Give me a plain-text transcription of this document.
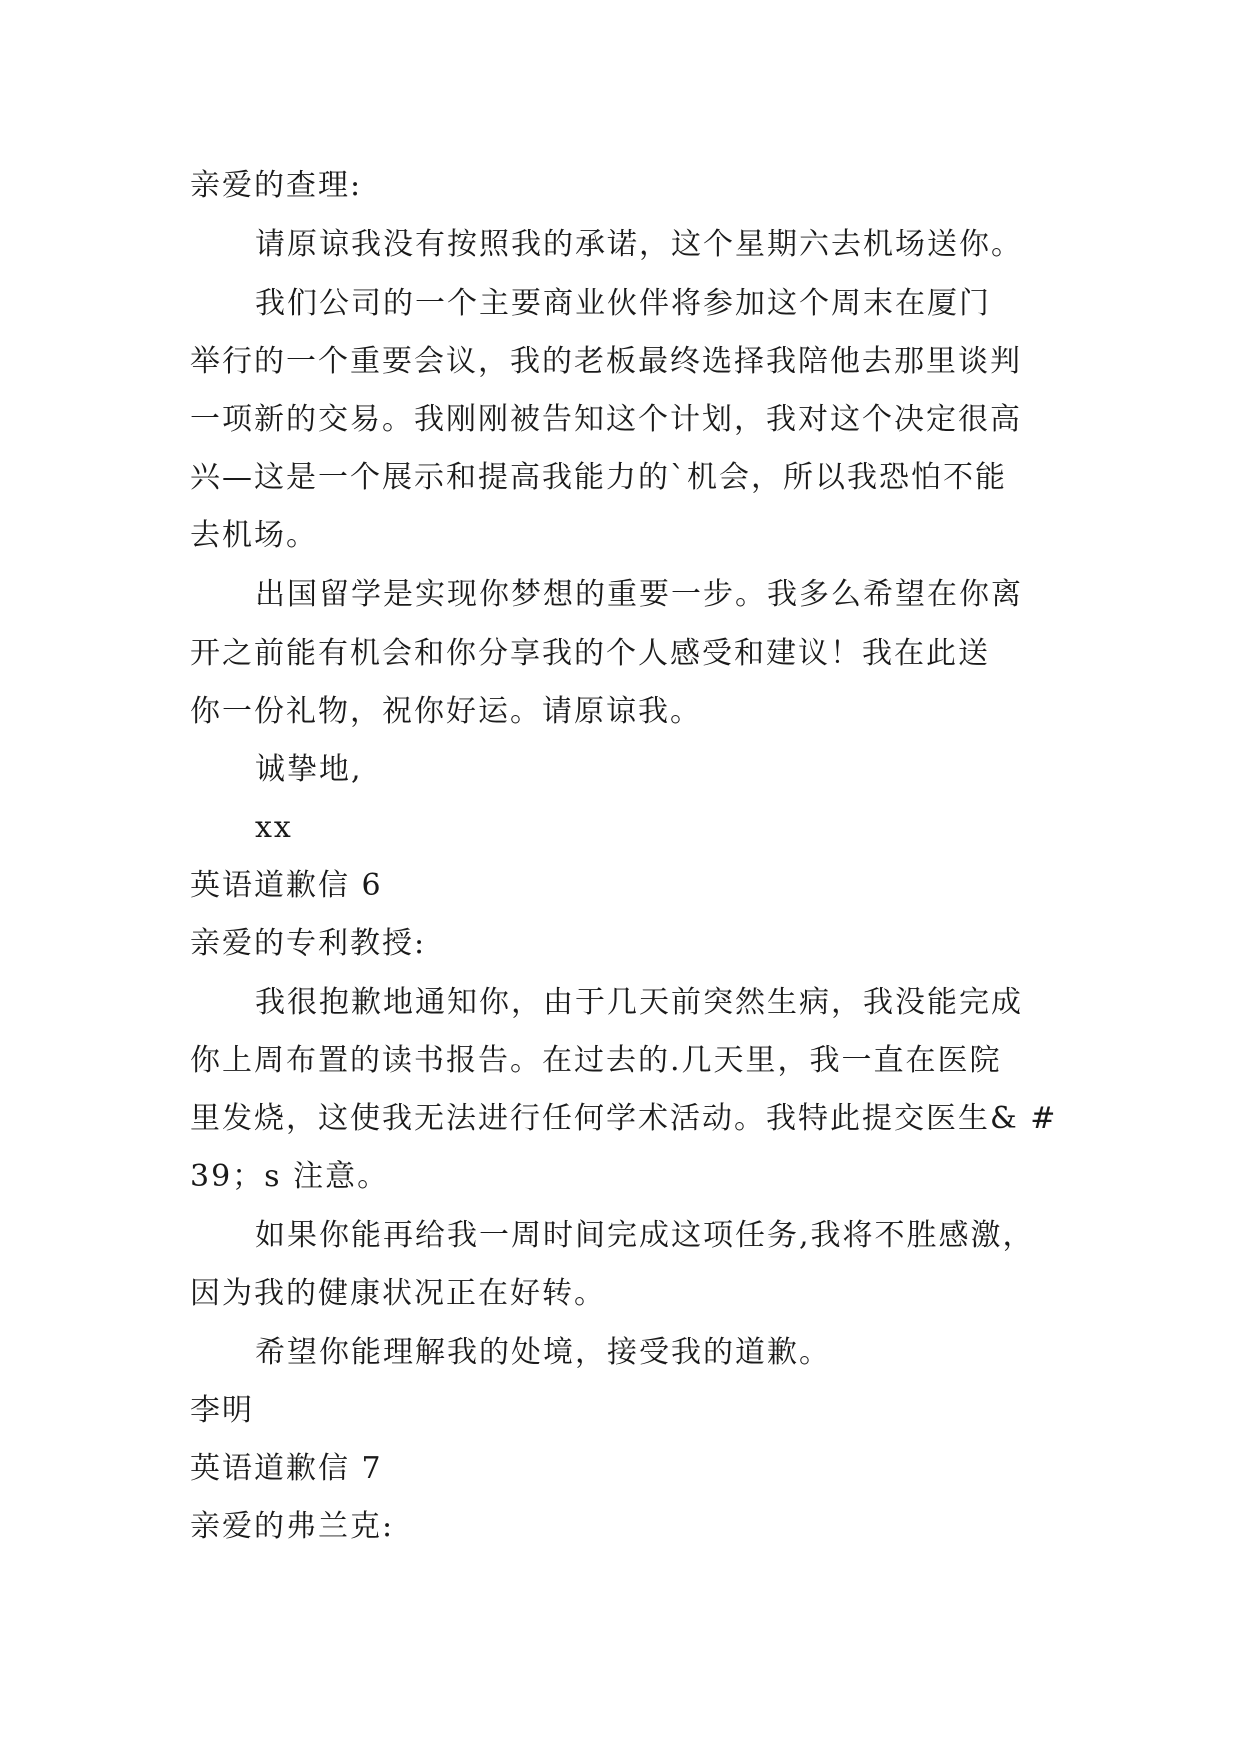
亲爱的查理:
请原谅我没有按照我的承诺，这个星期六去机场送你。
我们公司的一个主要商业伙伴将参加这个周末在厦门
举行的一个重要会议，我的老板最终选择我陪他去那里谈判
一项新的交易。我刚刚被告知这个计划，我对这个决定很高
兴—这是一个展示和提高我能力的`机会，所以我恐怕不能
去机场。
出国留学是实现你梦想的重要一步。我多么希望在你离
开之前能有机会和你分享我的个人感受和建议！我在此送
你一份礼物，祝你好运。请原谅我。
诚挚地,
xx
英语道歉信 6
亲爱的专利教授:
我很抱歉地通知你，由于几天前突然生病，我没能完成
你上周布置的读书报告。在过去的.几天里，我一直在医院
里发烧，这使我无法进行任何学术活动。我特此提交医生& #
39；s 注意。
如果你能再给我一周时间完成这项任务,我将不胜感激，
因为我的健康状况正在好转。
希望你能理解我的处境，接受我的道歉。
李明
英语道歉信 7
亲爱的弗兰克:
